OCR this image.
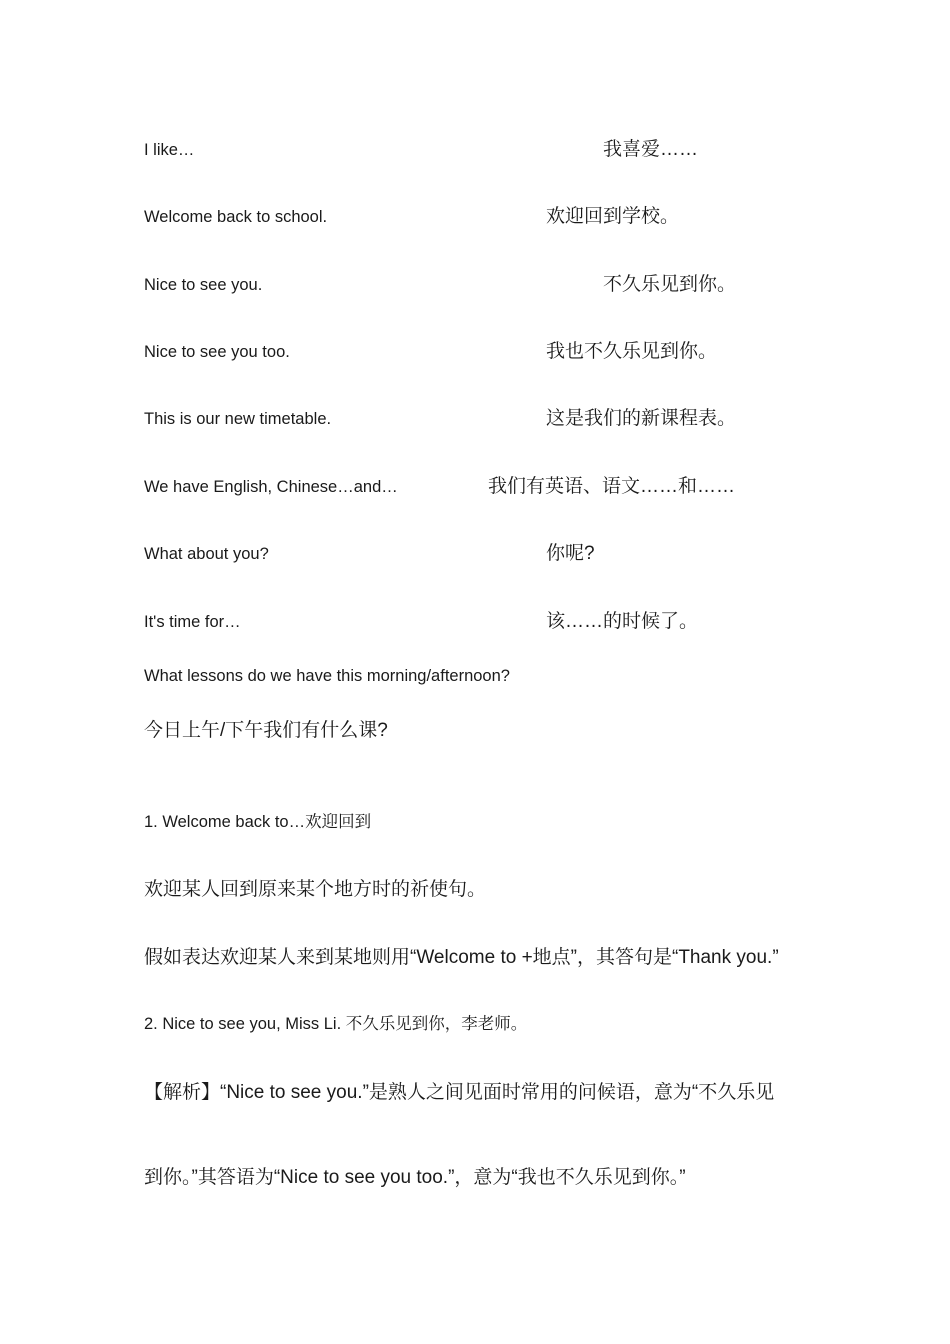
I like…	我喜爱……
Welcome back to school.	欢迎回到学校。
Nice to see you.	不久乐见到你。
Nice to see you too.	我也不久乐见到你。
This is our new timetable.	这是我们的新课程表。
We have English, Chinese…and…	我们有英语、语文……和……
What about you?	你呢?
It's time for…	该……的时候了。
What lessons do we have this morning/afternoon?
今日上午/下午我们有什么课?
1. Welcome back to…欢迎回到
欢迎某人回到原来某个地方时的祈使句。
假如表达欢迎某人来到某地则用“Welcome to +地点”，其答句是“Thank you.”
2. Nice to see you, Miss Li. 不久乐见到你，李老师。
【解析】“Nice to see you.”是熟人之间见面时常用的问候语，意为“不久乐见
到你。”其答语为“Nice to see you too.”，意为“我也不久乐见到你。”
